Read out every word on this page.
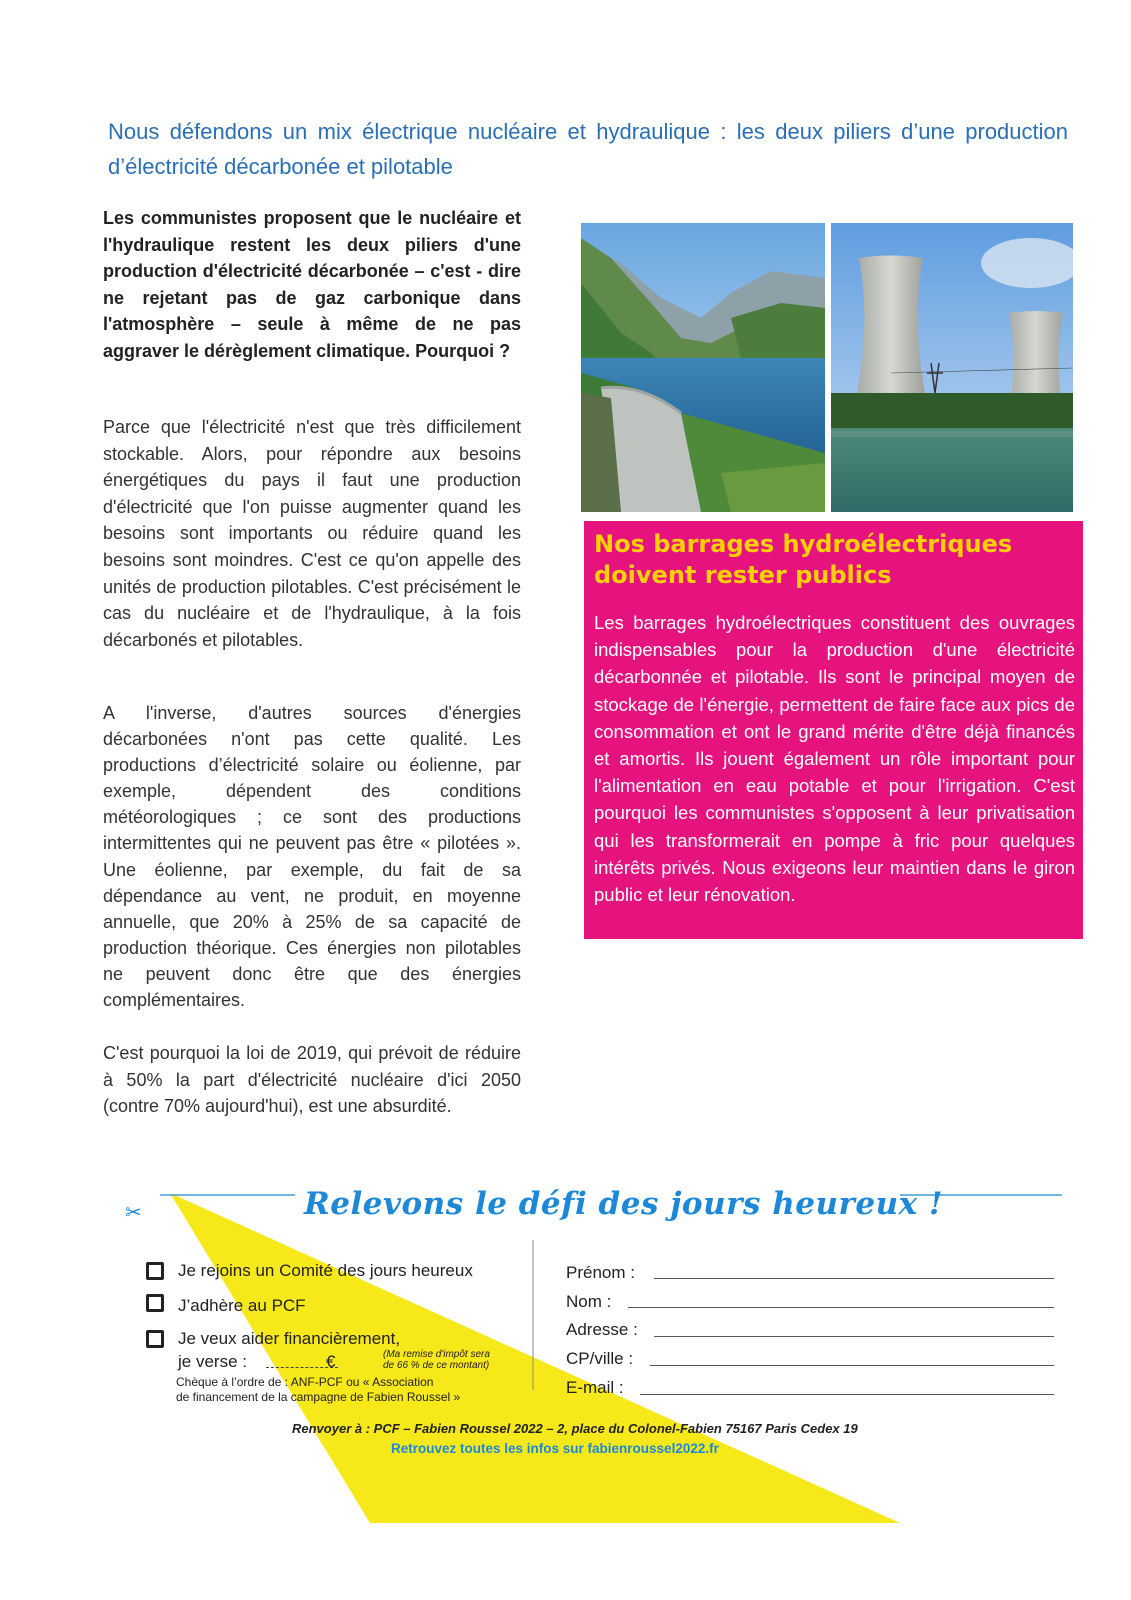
Nous défendons un mix électrique nucléaire et hydraulique : les deux piliers d’une production d’électricité décarbonée et pilotable
Les communistes proposent que le nucléaire et l'hydraulique restent les deux piliers d'une production d'électricité décarbonée – c'est - dire ne rejetant pas de gaz carbonique dans l'atmosphère – seule à même de ne pas aggraver le dérèglement climatique. Pourquoi ?
Parce que l'électricité n'est que très difficilement stockable. Alors, pour répondre aux besoins énergétiques du pays il faut une production d'électricité que l'on puisse augmenter quand les besoins sont importants ou réduire quand les besoins sont moindres. C'est ce qu'on appelle des unités de production pilotables. C'est précisément le cas du nucléaire et de l'hydraulique, à la fois décarbonés et pilotables.
A l'inverse, d'autres sources d'énergies décarbonées n'ont pas cette qualité. Les productions d’électricité solaire ou éolienne, par exemple, dépendent des conditions météorologiques ; ce sont des productions intermittentes qui ne peuvent pas être « pilotées ». Une éolienne, par exemple, du fait de sa dépendance au vent, ne produit, en moyenne annuelle, que 20% à 25% de sa capacité de production théorique. Ces énergies non pilotables ne peuvent donc être que des énergies complémentaires.
C'est pourquoi la loi de 2019, qui prévoit de réduire à 50% la part d'électricité nucléaire d'ici 2050 (contre 70% aujourd'hui), est une absurdité.
Nos barrages hydroélectriques
doivent rester publics

Les barrages hydroélectriques constituent des ouvrages indispensables pour la production d'une électricité décarbonnée et pilotable. Ils sont le principal moyen de stockage de l'énergie, permettent de faire face aux pics de consommation et ont le grand mérite d'être déjà financés et amortis. Ils jouent également un rôle important pour l'alimentation en eau potable et pour l'irrigation. C'est pourquoi les communistes s'opposent à leur privatisation qui les transformerait en pompe à fric pour quelques intérêts privés. Nous exigeons leur maintien dans le giron public et leur rénovation.

✂	Relevons le défi des jours heureux !
Je rejoins un Comité des jours heureux
J’adhère au PCF
Je veux aider financièrement,
je verse :	€	(Ma remise d'impôt sera
de 66 % de ce montant)
Chèque à l’ordre de : ANF-PCF ou « Association
de financement de la campagne de Fabien Roussel »
Prénom :
Nom :
Adresse :
CP/ville :
E-mail :
Renvoyer à : PCF – Fabien Roussel 2022 – 2, place du Colonel-Fabien 75167 Paris Cedex 19
Retrouvez toutes les infos sur fabienroussel2022.fr
